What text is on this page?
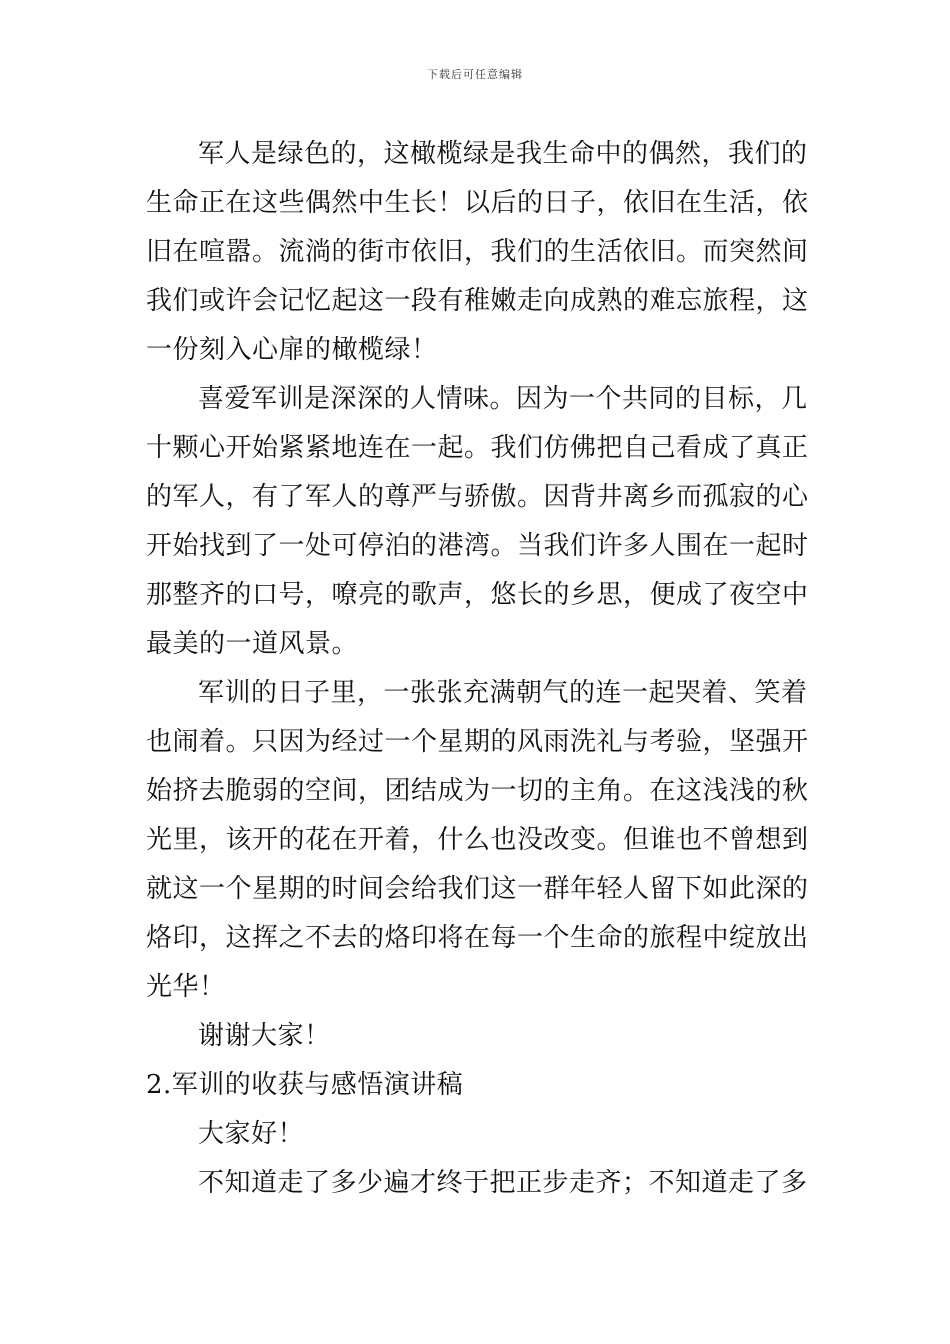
下载后可任意编辑
军人是绿色的，这橄榄绿是我生命中的偶然，我们的
生命正在这些偶然中生长！以后的日子，依旧在生活，依
旧在喧嚣。流淌的街市依旧，我们的生活依旧。而突然间
我们或许会记忆起这一段有稚嫩走向成熟的难忘旅程，这
一份刻入心扉的橄榄绿！
喜爱军训是深深的人情味。因为一个共同的目标，几
十颗心开始紧紧地连在一起。我们仿佛把自己看成了真正
的军人，有了军人的尊严与骄傲。因背井离乡而孤寂的心
开始找到了一处可停泊的港湾。当我们许多人围在一起时
那整齐的口号，嘹亮的歌声，悠长的乡思，便成了夜空中
最美的一道风景。
军训的日子里，一张张充满朝气的连一起哭着、笑着
也闹着。只因为经过一个星期的风雨洗礼与考验，坚强开
始挤去脆弱的空间，团结成为一切的主角。在这浅浅的秋
光里，该开的花在开着，什么也没改变。但谁也不曾想到
就这一个星期的时间会给我们这一群年轻人留下如此深的
烙印，这挥之不去的烙印将在每一个生命的旅程中绽放出
光华！
谢谢大家！
2.军训的收获与感悟演讲稿
大家好！
不知道走了多少遍才终于把正步走齐；不知道走了多
